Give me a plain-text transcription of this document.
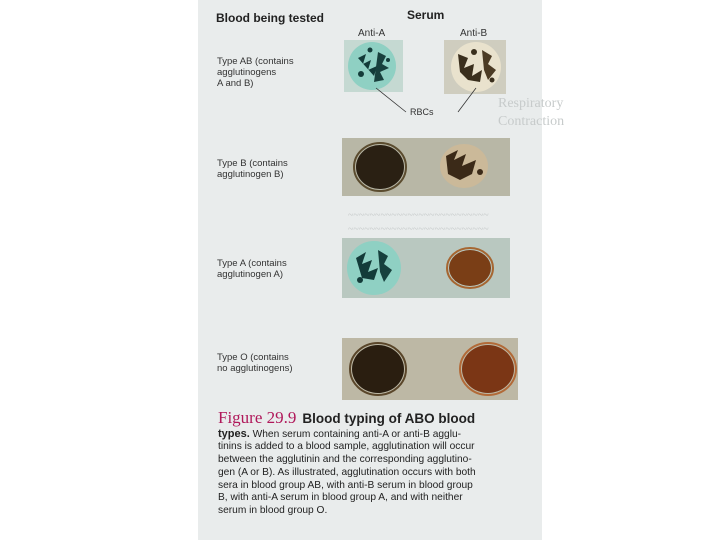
Respiratory
Contraction
~~~~~~~~~~~~~~~~~~~~~~~~~~
~~~~~~~~~~~~~~~~~~~~~~~~~~
Blood being tested	Serum
Anti-A	Anti-B
Type AB (contains
agglutinogens
A and B)
RBCs
Type B (contains
agglutinogen B)
Type A (contains
agglutinogen A)
Type O (contains
no agglutinogens)
Figure 29.9 Blood typing of ABO blood
types. When serum containing anti-A or anti-B agglu-
tinins is added to a blood sample, agglutination will occur
between the agglutinin and the corresponding agglutino-
gen (A or B). As illustrated, agglutination occurs with both
sera in blood group AB, with anti-B serum in blood group
B, with anti-A serum in blood group A, and with neither
serum in blood group O.
